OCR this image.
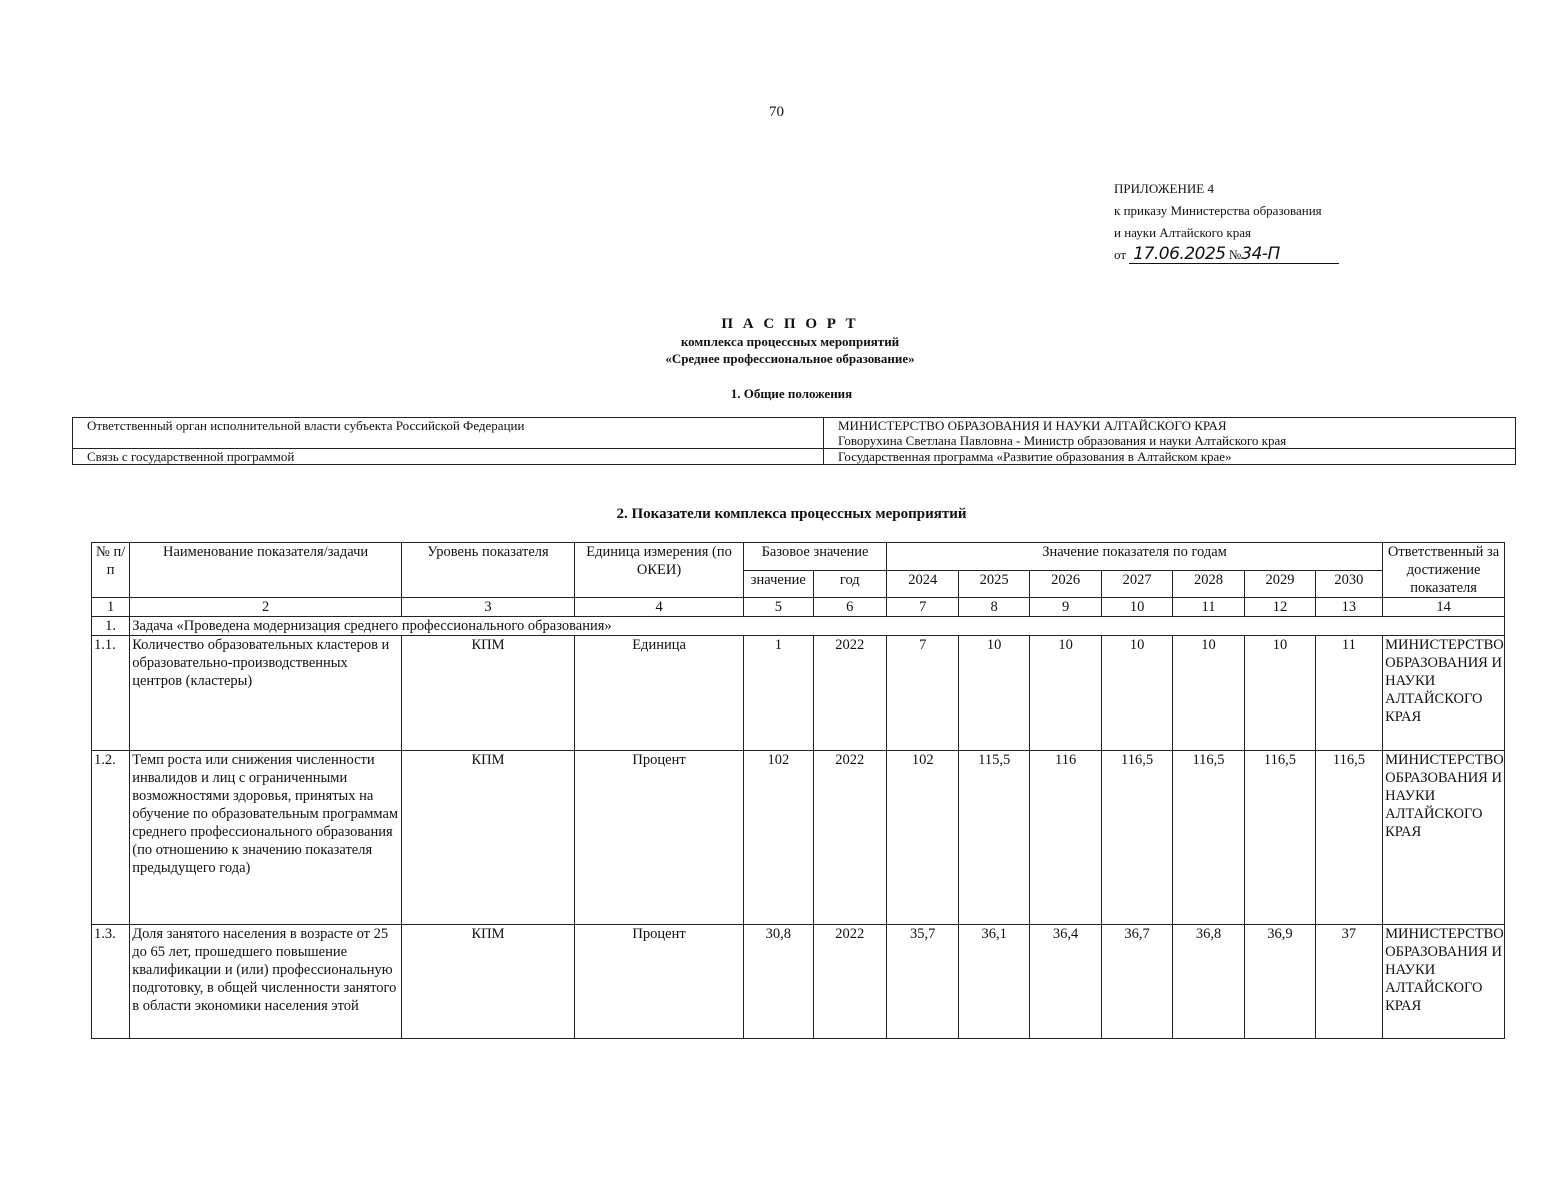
70
ПРИЛОЖЕНИЕ 4
к приказу Министерства образования
и науки Алтайского края
от 17.06.2025 №34-П
П А С П О Р Т
комплекса процессных мероприятий
«Среднее профессиональное образование»
1. Общие положения
Ответственный орган исполнительной власти субъекта Российской Федерации	МИНИСТЕРСТВО ОБРАЗОВАНИЯ И НАУКИ АЛТАЙСКОГО КРАЯ
Говорухина Светлана Павловна - Министр образования и науки Алтайского края

Связь с государственной программой	Государственная программа «Развитие образования в Алтайском крае»
2. Показатели комплекса процессных мероприятий
№ п/п	Наименование показателя/задачи	Уровень показателя	Единица измерения (по ОКЕИ)	Базовое значение		Значение показателя по годам							Ответственный за достижение показателя
				значение	год	2024	2025	2026	2027	2028	2029	2030	
1	2	3	4	5	6	7	8	9	10	11	12	13	14
1.	Задача «Проведена модернизация среднего профессионального образования»												
1.1.	Количество образовательных кластеров и образовательно-производственных центров (кластеры)	КПМ	Единица	1	2022	7	10	10	10	10	10	11	МИНИСТЕРСТВО ОБРАЗОВАНИЯ И НАУКИ АЛТАЙСКОГО КРАЯ
1.2.	Темп роста или снижения численности инвалидов и лиц с ограниченными возможностями здоровья, принятых на обучение по образовательным программам среднего профессионального образования (по отношению к значению показателя предыдущего года)	КПМ	Процент	102	2022	102	115,5	116	116,5	116,5	116,5	116,5	МИНИСТЕРСТВО ОБРАЗОВАНИЯ И НАУКИ АЛТАЙСКОГО КРАЯ
1.3.	Доля занятого населения в возрасте от 25 до 65 лет, прошедшего повышение квалификации и (или) профессиональную подготовку, в общей численности занятого в области экономики населения этой	КПМ	Процент	30,8	2022	35,7	36,1	36,4	36,7	36,8	36,9	37	МИНИСТЕРСТВО ОБРАЗОВАНИЯ И НАУКИ АЛТАЙСКОГО КРАЯ
